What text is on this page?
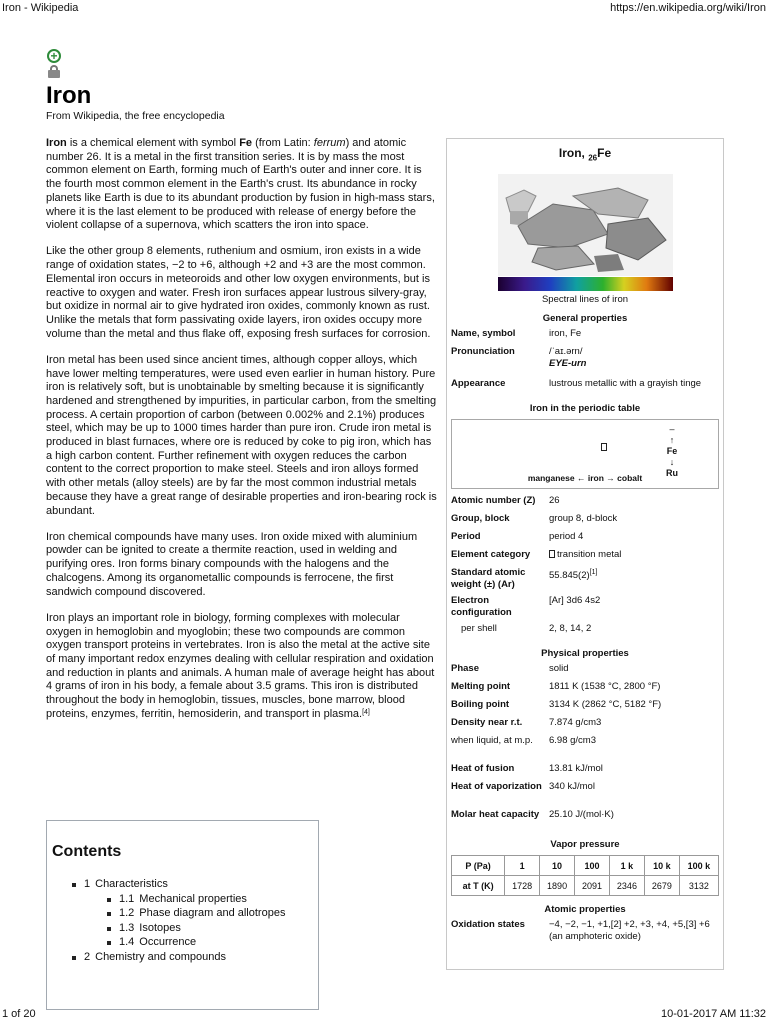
Iron - Wikipedia	https://en.wikipedia.org/wiki/Iron
+
Iron
From Wikipedia, the free encyclopedia

Iron is a chemical element with symbol Fe (from Latin: ferrum) and atomic number 26. It is a metal in the first transition series. It is by mass the most common element on Earth, forming much of Earth's outer and inner core. It is the fourth most common element in the Earth's crust. Its abundance in rocky planets like Earth is due to its abundant production by fusion in high-mass stars, where it is the last element to be produced with release of energy before the violent collapse of a supernova, which scatters the iron into space.

Like the other group 8 elements, ruthenium and osmium, iron exists in a wide range of oxidation states, −2 to +6, although +2 and +3 are the most common. Elemental iron occurs in meteoroids and other low oxygen environments, but is reactive to oxygen and water. Fresh iron surfaces appear lustrous silvery-gray, but oxidize in normal air to give hydrated iron oxides, commonly known as rust. Unlike the metals that form passivating oxide layers, iron oxides occupy more volume than the metal and thus flake off, exposing fresh surfaces for corrosion.

Iron metal has been used since ancient times, although copper alloys, which have lower melting temperatures, were used even earlier in human history. Pure iron is relatively soft, but is unobtainable by smelting because it is significantly hardened and strengthened by impurities, in particular carbon, from the smelting process. A certain proportion of carbon (between 0.002% and 2.1%) produces steel, which may be up to 1000 times harder than pure iron. Crude iron metal is produced in blast furnaces, where ore is reduced by coke to pig iron, which has a high carbon content. Further refinement with oxygen reduces the carbon content to the correct proportion to make steel. Steels and iron alloys formed with other metals (alloy steels) are by far the most common industrial metals because they have a great range of desirable properties and iron-bearing rock is abundant.

Iron chemical compounds have many uses. Iron oxide mixed with aluminium powder can be ignited to create a thermite reaction, used in welding and purifying ores. Iron forms binary compounds with the halogens and the chalcogens. Among its organometallic compounds is ferrocene, the first sandwich compound discovered.

Iron plays an important role in biology, forming complexes with molecular oxygen in hemoglobin and myoglobin; these two compounds are common oxygen transport proteins in vertebrates. Iron is also the metal at the active site of many important redox enzymes dealing with cellular respiration and oxidation and reduction in plants and animals. A human male of average height has about 4 grams of iron in his body, a female about 3.5 grams. This iron is distributed throughout the body in hemoglobin, tissues, muscles, bone marrow, blood proteins, enzymes, ferritin, hemosiderin, and transport in plasma.[4]

Contents
1 Characteristics
1.1 Mechanical properties
1.2 Phase diagram and allotropes
1.3 Isotopes
1.4 Occurrence
2 Chemistry and compounds
Iron, $_{26}$Fe
Spectral lines of iron
General properties
Name, symbol	iron, Fe
Pronunciation	/ˈaɪ.ərn/
EYE-urn
Appearance	lustrous metallic with a grayish tinge
Iron in the periodic table
–
↑
Fe
↓
Ru
manganese ← iron → cobalt
Atomic number (Z)	26
Group, block	group 8, d-block
Period	period 4
Element category	transition metal
Standard atomic weight (±) (Ar)
55.845(2)[1]
Electron configuration
[Ar] 3d6 4s2
per shell	2, 8, 14, 2
Physical properties
Phase	solid
Melting point	1811 K (1538 °C, 2800 °F)
Boiling point	3134 K (2862 °C, 5182 °F)
Density near r.t.	7.874 g/cm3
when liquid, at m.p.	6.98 g/cm3
Heat of fusion	13.81 kJ/mol
Heat of vaporization 340 kJ/mol
Molar heat capacity	25.10 J/(mol·K)
Vapor pressure
P (Pa)	1	10	100	1 k	10 k	100 k
at T (K)	1728	1890	2091	2346	2679	3132
Atomic properties
Oxidation states	−4, −2, −1, +1,[2] +2, +3, +4, +5,[3] +6
(an amphoteric oxide)
1 of 20	10-01-2017 AM 11:32
